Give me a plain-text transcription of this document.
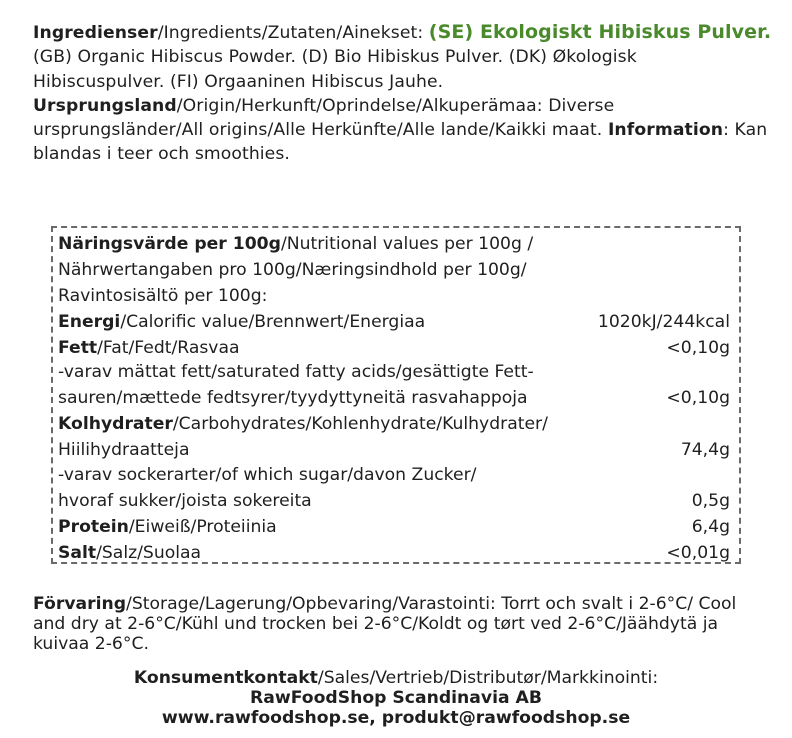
Ingredienser/Ingredients/Zutaten/Ainekset: (SE) Ekologiskt Hibiskus Pulver. (GB) Organic Hibiscus Powder. (D) Bio Hibiskus Pulver. (DK) Økologisk Hibiscuspulver. (FI) Orgaaninen Hibiscus Jauhe. Ursprungsland/Origin/Herkunft/Oprindelse/Alkuperämaa: Diverse ursprungsländer/All origins/Alle Herkünfte/Alle lande/Kaikki maat. Information: Kan blandas i teer och smoothies.
Näringsvärde per 100g/Nutritional values per 100g /
Nährwertangaben pro 100g/Næringsindhold per 100g/
Ravintosisältö per 100g:
Energi/Calorific value/Brennwert/Energiaa	1020kJ/244kcal
Fett/Fat/Fedt/Rasvaa	<0,10g
-varav mättat fett/saturated fatty acids/gesättigte Fett-
sauren/mættede fedtsyrer/tyydyttyneitä rasvahappoja	<0,10g
Kolhydrater/Carbohydrates/Kohlenhydrate/Kulhydrater/
Hiilihydraatteja	74,4g
-varav sockerarter/of which sugar/davon Zucker/
hvoraf sukker/joista sokereita	0,5g
Protein/Eiweiß/Proteiinia	6,4g
Salt/Salz/Suolaa	<0,01g
Förvaring/Storage/Lagerung/Opbevaring/Varastointi: Torrt och svalt i 2-6°C/ Cool and dry at 2-6°C/Kühl und trocken bei 2-6°C/Koldt og tørt ved 2-6°C/Jäähdytä ja kuivaa 2-6°C.
Konsumentkontakt/Sales/Vertrieb/Distributør/Markkinointi:
RawFoodShop Scandinavia AB
www.rawfoodshop.se, produkt@rawfoodshop.se
